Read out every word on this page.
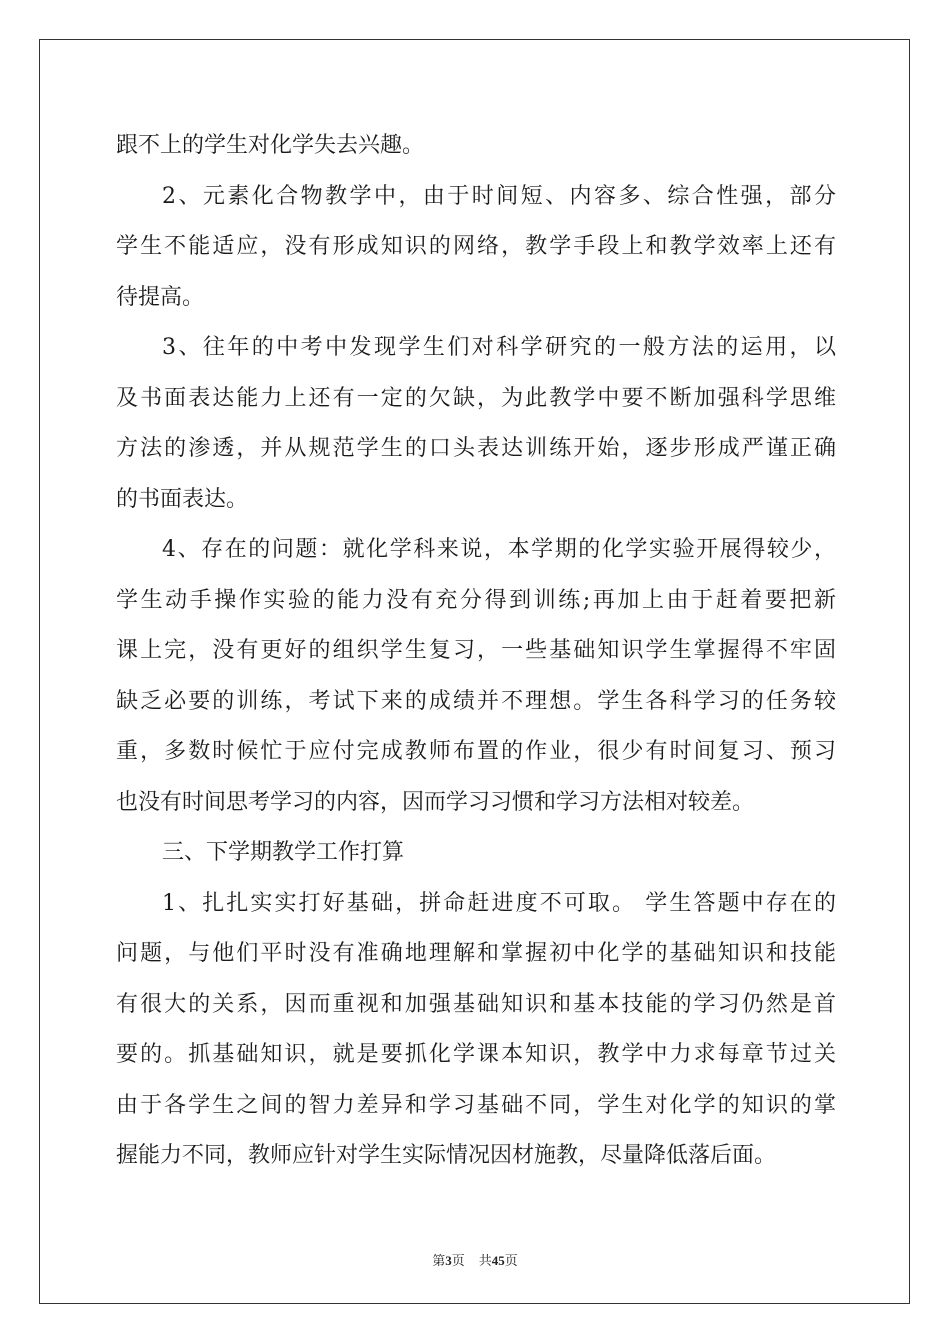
跟不上的学生对化学失去兴趣。
2、元素化合物教学中，由于时间短、内容多、综合性强，部分
学生不能适应，没有形成知识的网络，教学手段上和教学效率上还有
待提高。
3、往年的中考中发现学生们对科学研究的一般方法的运用，以
及书面表达能力上还有一定的欠缺，为此教学中要不断加强科学思维
方法的渗透，并从规范学生的口头表达训练开始，逐步形成严谨正确
的书面表达。
4、存在的问题：就化学科来说，本学期的化学实验开展得较少，
学生动手操作实验的能力没有充分得到训练;再加上由于赶着要把新
课上完，没有更好的组织学生复习，一些基础知识学生掌握得不牢固
缺乏必要的训练，考试下来的成绩并不理想。学生各科学习的任务较
重，多数时候忙于应付完成教师布置的作业，很少有时间复习、预习
也没有时间思考学习的内容，因而学习习惯和学习方法相对较差。
三、下学期教学工作打算
1、扎扎实实打好基础，拼命赶进度不可取。 学生答题中存在的
问题，与他们平时没有准确地理解和掌握初中化学的基础知识和技能
有很大的关系，因而重视和加强基础知识和基本技能的学习仍然是首
要的。抓基础知识，就是要抓化学课本知识，教学中力求每章节过关
由于各学生之间的智力差异和学习基础不同，学生对化学的知识的掌
握能力不同，教师应针对学生实际情况因材施教，尽量降低落后面。
第3页 共45页
